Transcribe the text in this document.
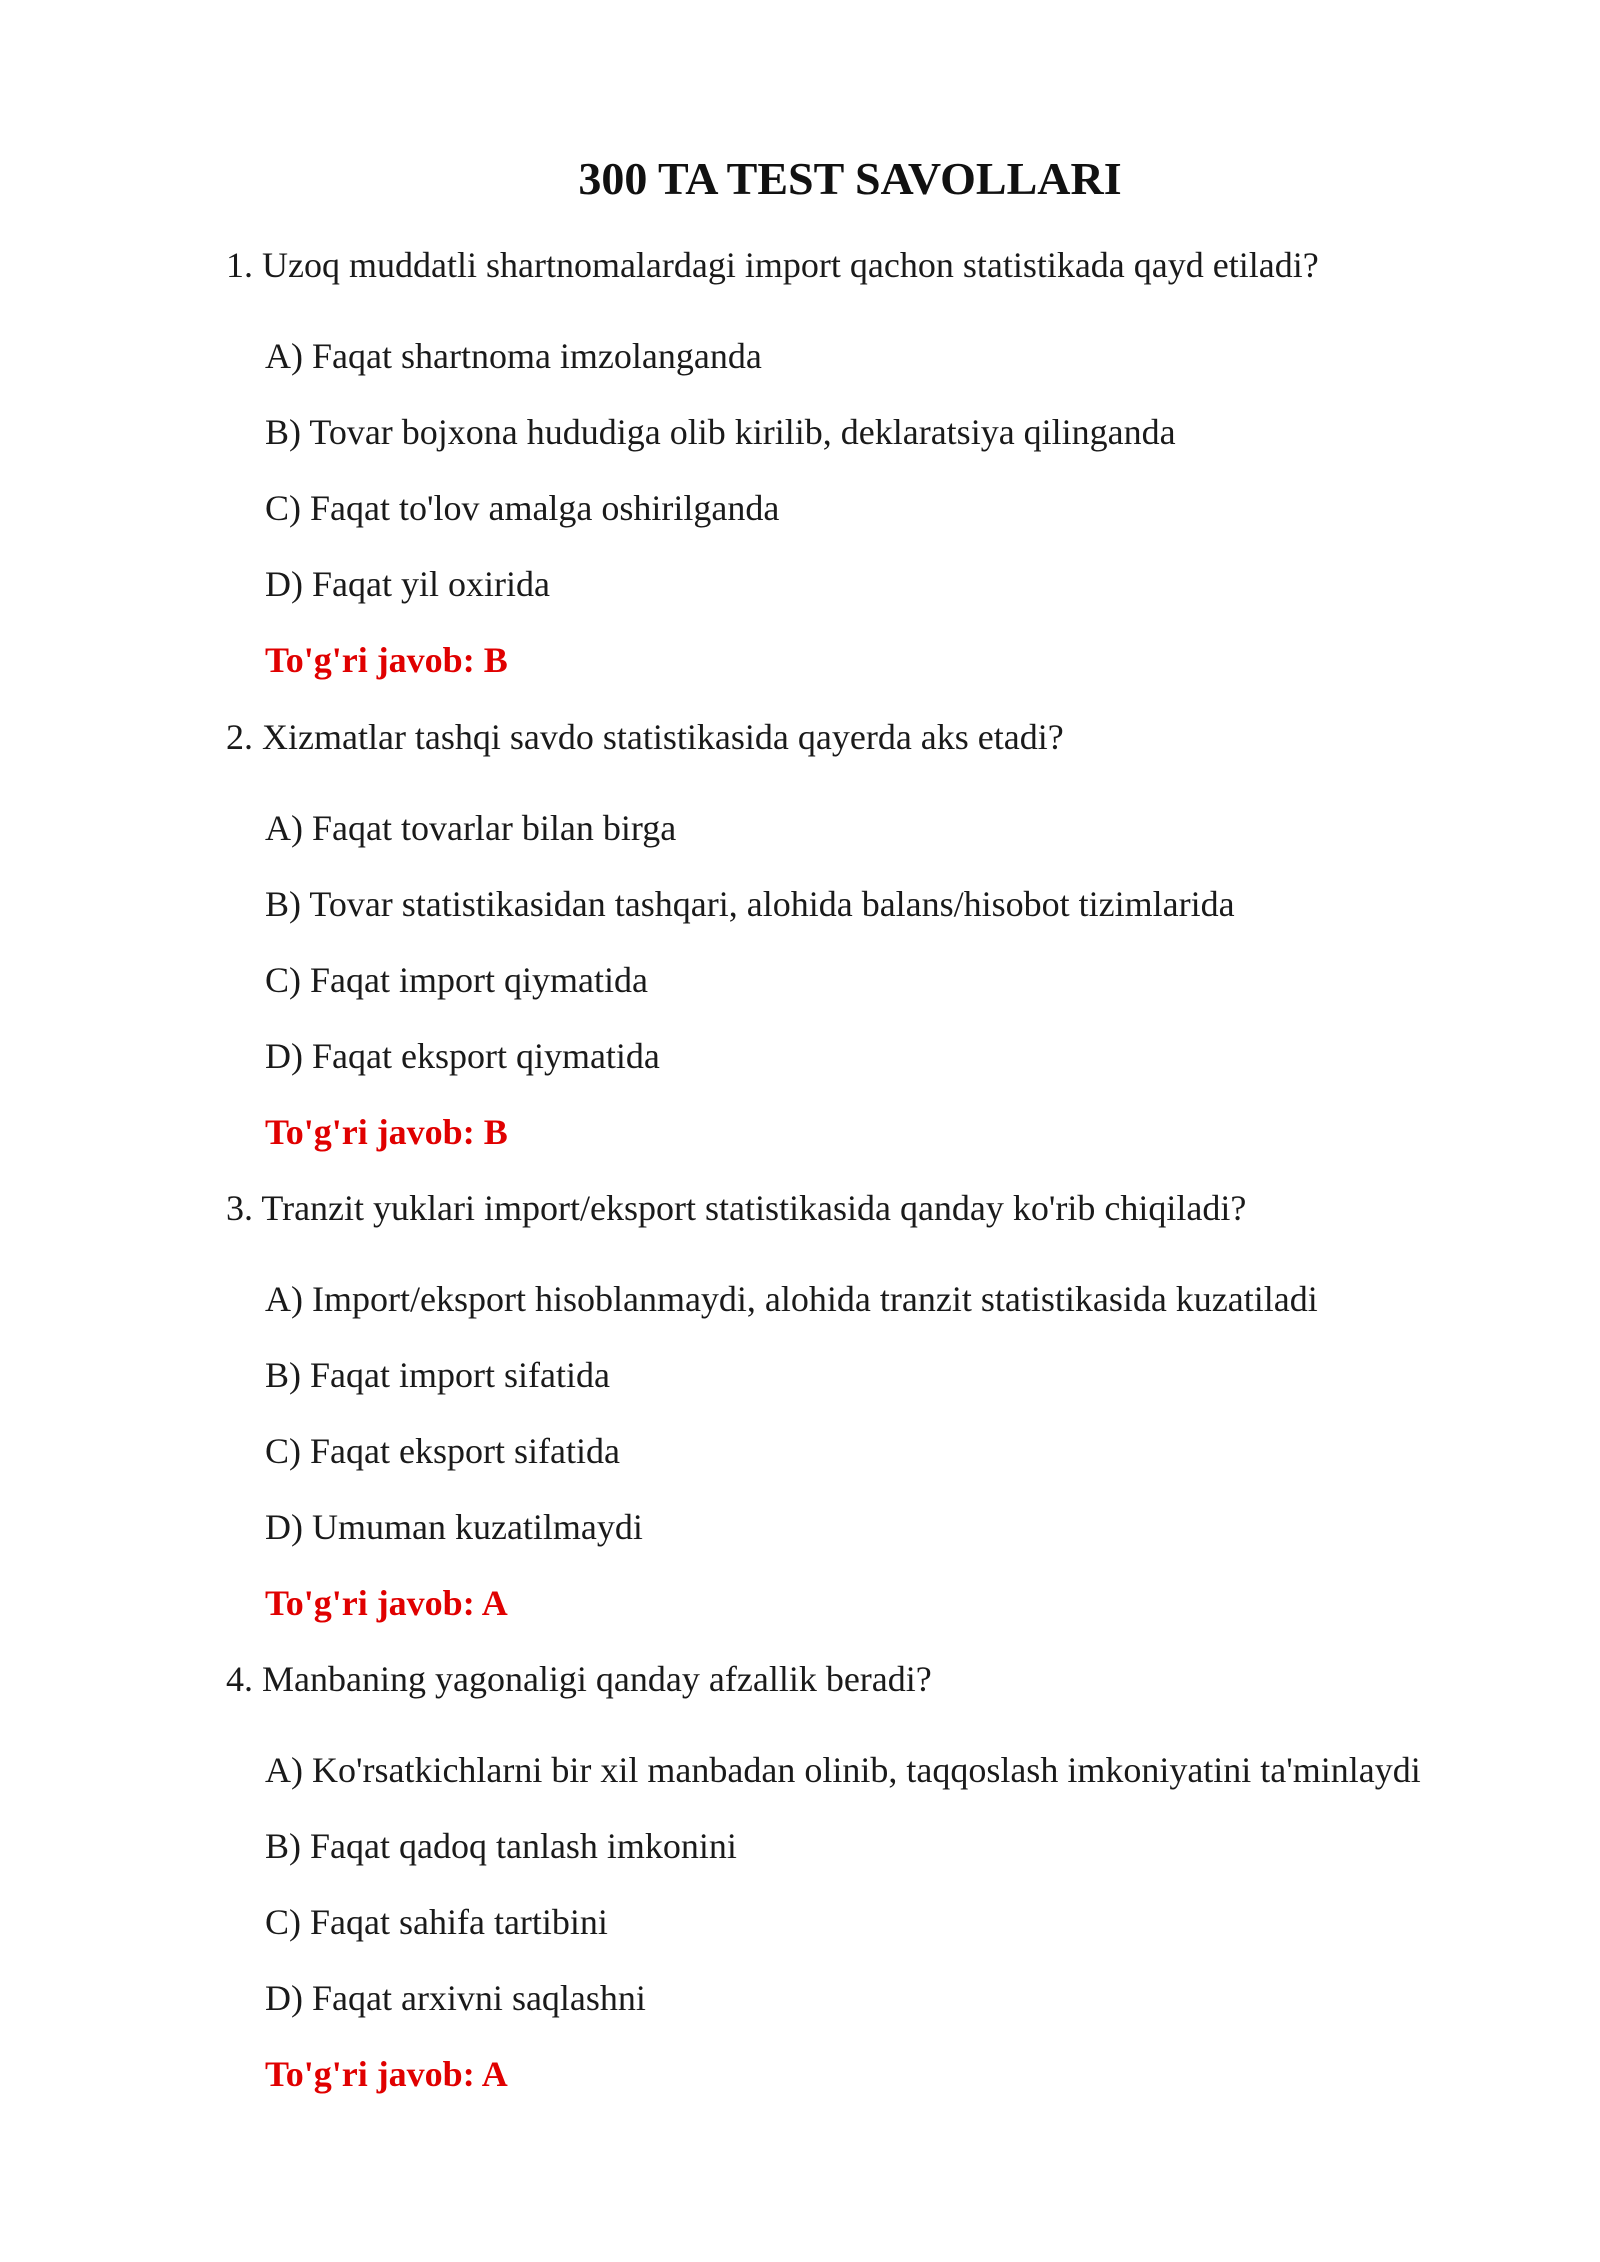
300 TA TEST SAVOLLARI
1. Uzoq muddatli shartnomalardagi import qachon statistikada qayd etiladi?
A) Faqat shartnoma imzolanganda
B) Tovar bojxona hududiga olib kirilib, deklaratsiya qilinganda
C) Faqat to'lov amalga oshirilganda
D) Faqat yil oxirida
To'g'ri javob: B
2. Xizmatlar tashqi savdo statistikasida qayerda aks etadi?
A) Faqat tovarlar bilan birga
B) Tovar statistikasidan tashqari, alohida balans/hisobot tizimlarida
C) Faqat import qiymatida
D) Faqat eksport qiymatida
To'g'ri javob: B
3. Tranzit yuklari import/eksport statistikasida qanday ko'rib chiqiladi?
A) Import/eksport hisoblanmaydi, alohida tranzit statistikasida kuzatiladi
B) Faqat import sifatida
C) Faqat eksport sifatida
D) Umuman kuzatilmaydi
To'g'ri javob: A
4. Manbaning yagonaligi qanday afzallik beradi?
A) Ko'rsatkichlarni bir xil manbadan olinib, taqqoslash imkoniyatini ta'minlaydi
B) Faqat qadoq tanlash imkonini
C) Faqat sahifa tartibini
D) Faqat arxivni saqlashni
To'g'ri javob: A
